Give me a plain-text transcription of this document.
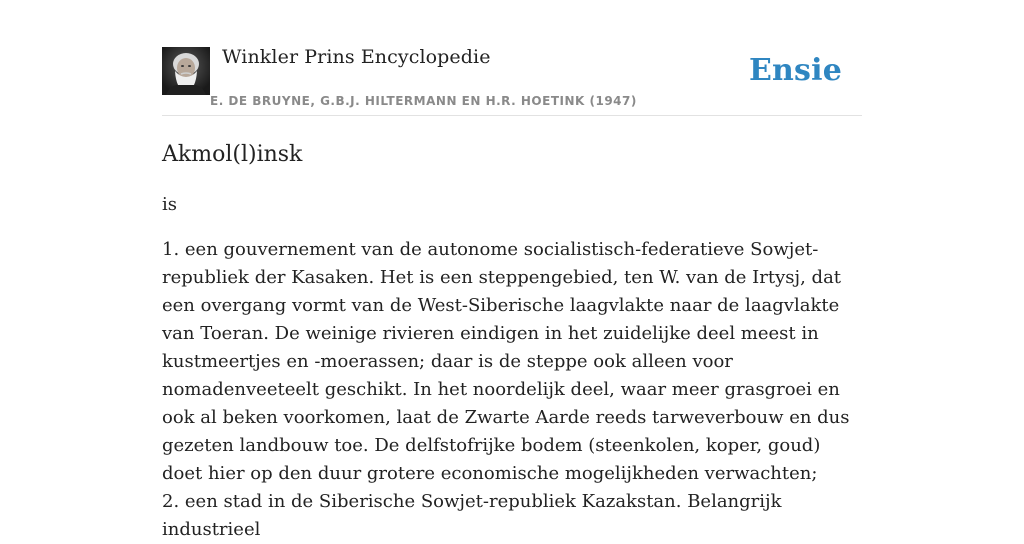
Winkler Prins Encyclopedie
E. DE BRUYNE, G.B.J. HILTERMANN EN H.R. HOETINK (1947)
Ensie
Akmol(l)insk

is

1. een gouvernement van de autonome socialistisch-federatieve Sowjet-republiek der Kasaken. Het is een steppengebied, ten W. van de Irtysj, dat een overgang vormt van de West-Siberische laagvlakte naar de laagvlakte van Toeran. De weinige rivieren eindigen in het zuidelijke deel meest in kustmeertjes en -moerassen; daar is de steppe ook alleen voor nomadenveeteelt geschikt. In het noordelijk deel, waar meer grasgroei en ook al beken voorkomen, laat de Zwarte Aarde reeds tarweverbouw en dus gezeten landbouw toe. De delfstofrijke bodem (steenkolen, koper, goud) doet hier op den duur grotere economische mogelijkheden verwachten;

2. een stad in de Siberische Sowjet-republiek Kazakstan. Belangrijk industrieel
